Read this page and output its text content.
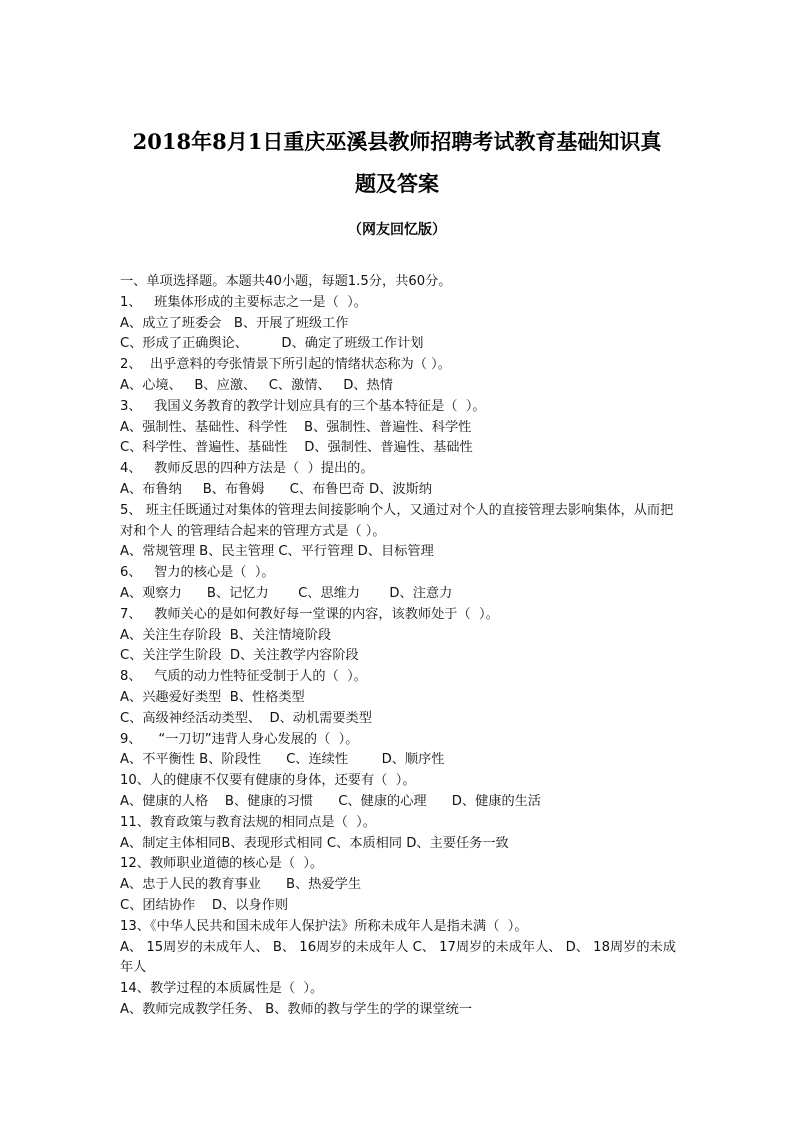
2018年8月1日重庆巫溪县教师招聘考试教育基础知识真
题及答案
（网友回忆版）
一、单项选择题。本题共40小题，每题1.5分，共60分。
1、   班集体形成的主要标志之一是（  ）。
A、成立了班委会   B、开展了班级工作
C、形成了正确舆论、        D、确定了班级工作计划
2、  出乎意料的夸张情景下所引起的情绪状态称为（ ）。
A、心境、   B、应激、   C、激情、   D、热情
3、   我国义务教育的教学计划应具有的三个基本特征是（  ）。
A、强制性、基础性、科学性    B、强制性、普遍性、科学性
C、科学性、普遍性、基础性    D、强制性、普遍性、基础性
4、   教师反思的四种方法是（  ）提出的。
A、布鲁纳     B、布鲁姆      C、布鲁巴奇 D、波斯纳
5、 班主任既通过对集体的管理去间接影响个人，又通过对个人的直接管理去影响集体，从而把对和个人 的管理结合起来的管理方式是（ ）。
A、常规管理 B、民主管理 C、平行管理 D、目标管理
6、   智力的核心是（  ）。
A、观察力      B、记忆力       C、思维力       D、注意力
7、   教师关心的是如何教好每一堂课的内容，该教师处于（  ）。
A、关注生存阶段  B、关注情境阶段
C、关注学生阶段  D、关注教学内容阶段
8、   气质的动力性特征受制于人的（  ）。
A、兴趣爱好类型  B、性格类型
C、高级神经活动类型、  D、动机需要类型
9、    “一刀切”违背人身心发展的（  ）。
A、不平衡性 B、阶段性      C、连续性        D、顺序性
10、人的健康不仅要有健康的身体，还要有（  ）。
A、健康的人格    B、健康的习惯      C、健康的心理      D、健康的生活
11、教育政策与教育法规的相同点是（  ）。
A、制定主体相同B、表现形式相同 C、本质相同 D、主要任务一致
12、教师职业道德的核心是（  ）。
A、忠于人民的教育事业      B、热爱学生
C、团结协作    D、以身作则
13、《中华人民共和国未成年人保护法》所称未成年人是指未满（  ）。
A、 15周岁的未成年人、 B、 16周岁的未成年人 C、 17周岁的未成年人、 D、 18周岁的未成年人
14、教学过程的本质属性是（  ）。
A、教师完成教学任务、 B、教师的教与学生的学的课堂统一
